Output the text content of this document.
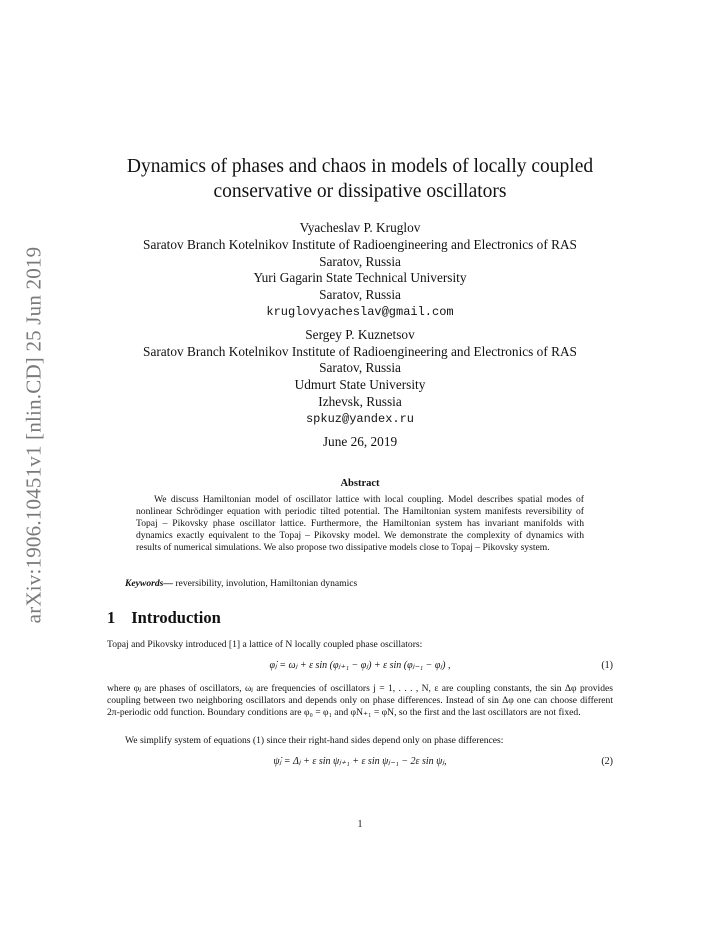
arXiv:1906.10451v1 [nlin.CD] 25 Jun 2019
Dynamics of phases and chaos in models of locally coupled
conservative or dissipative oscillators
Vyacheslav P. Kruglov
Saratov Branch Kotelnikov Institute of Radioengineering and Electronics of RAS
Saratov, Russia
Yuri Gagarin State Technical University
Saratov, Russia
kruglovyacheslav@gmail.com
Sergey P. Kuznetsov
Saratov Branch Kotelnikov Institute of Radioengineering and Electronics of RAS
Saratov, Russia
Udmurt State University
Izhevsk, Russia
spkuz@yandex.ru
June 26, 2019
Abstract
We discuss Hamiltonian model of oscillator lattice with local coupling. Model describes spatial modes of nonlinear Schrödinger equation with periodic tilted potential. The Hamiltonian system manifests reversibility of Topaj – Pikovsky phase oscillator lattice. Furthermore, the Hamiltonian system has invariant manifolds with dynamics exactly equivalent to the Topaj – Pikovsky model. We demonstrate the complexity of dynamics with results of numerical simulations. We also propose two dissipative models close to Topaj – Pikovsky system.
Keywords— reversibility, involution, Hamiltonian dynamics
1 Introduction
Topaj and Pikovsky introduced [1] a lattice of N locally coupled phase oscillators:
φ̇ⱼ = ωⱼ + ε sin (φⱼ₊₁ − φⱼ) + ε sin (φⱼ₋₁ − φⱼ) ,	(1)
where φⱼ are phases of oscillators, ωⱼ are frequencies of oscillators j = 1, . . . , N, ε are coupling constants, the sin Δφ provides coupling between two neighboring oscillators and depends only on phase differences. Instead of sin Δφ one can choose different 2π-periodic odd function. Boundary conditions are φ₀ = φ₁ and φN₊₁ = φN, so the first and the last oscillators are not fixed.
We simplify system of equations (1) since their right-hand sides depend only on phase differences:
ψ̇ⱼ = Δⱼ + ε sin ψⱼ₊₁ + ε sin ψⱼ₋₁ − 2ε sin ψⱼ,	(2)
1
